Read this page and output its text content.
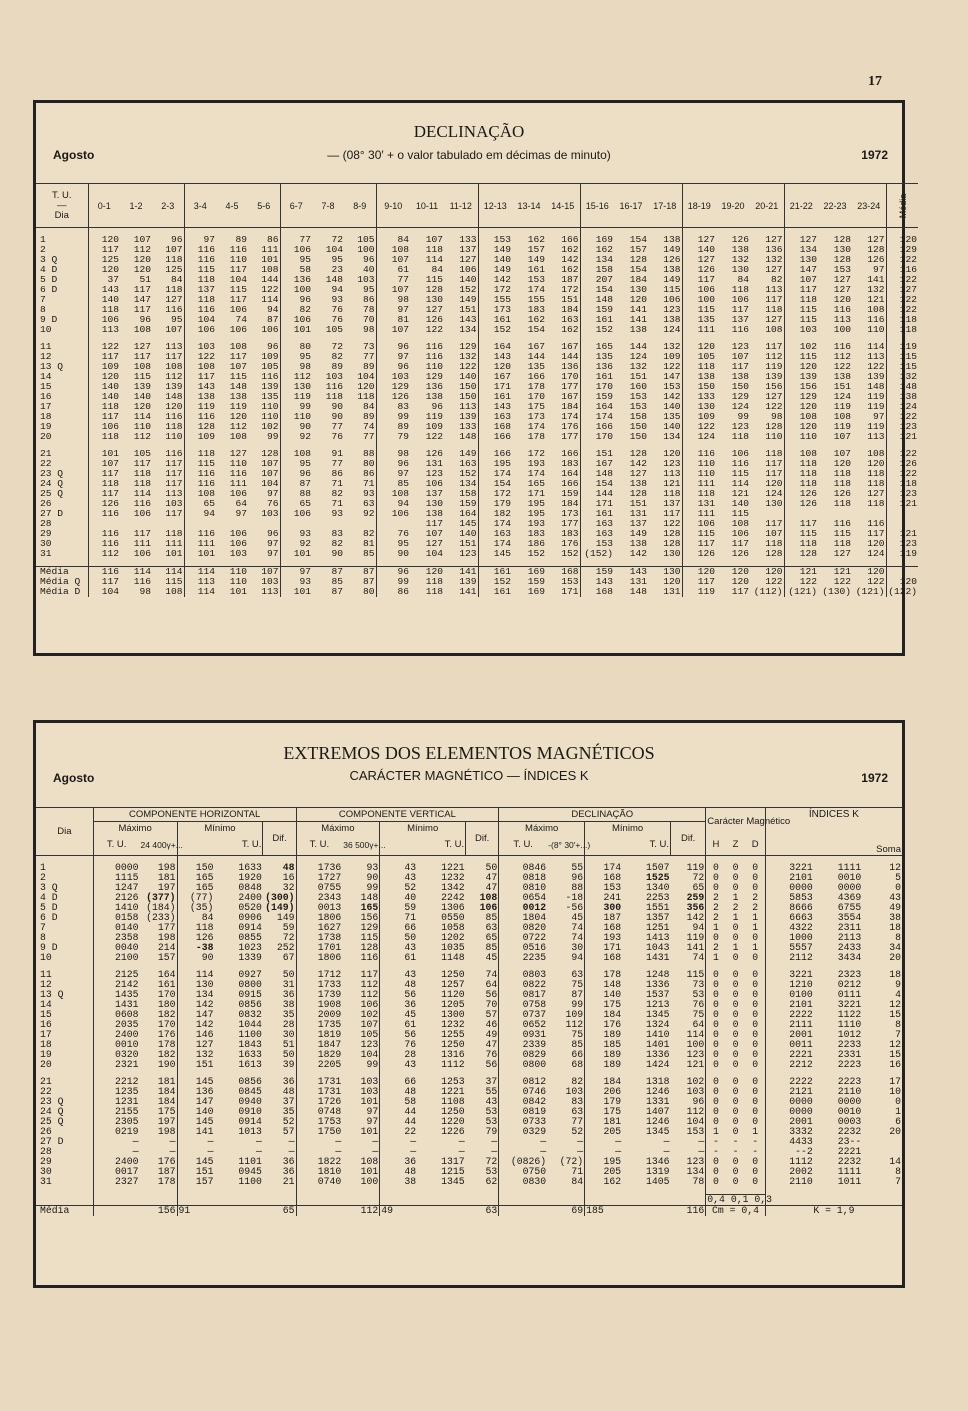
17
DECLINAÇÃO
Agosto	— (08° 30′ + o valor tabulado em décimas de minuto)	1972
T. U.
—
Dia	0-1	1-2	2-3	3-4	4-5	5-6	6-7	7-8	8-9	9-10	10-11	11-12	12-13	13-14	14-15	15-16	16-17	17-18	18-19	19-20	20-21	21-22	22-23	23-24	Média

1	120	107	96	97	89	86	77	72	105	84	107	133	153	162	166	169	154	138	127	126	127	127	128	127	120
2	117	112	107	116	116	111	106	104	100	108	118	137	149	157	162	162	157	149	140	138	136	134	130	128	129
3 Q	125	120	118	116	110	101	95	95	96	107	114	127	140	149	142	134	128	126	127	132	132	130	128	126	122
4 D	120	120	125	115	117	108	58	23	40	61	84	106	149	161	162	158	154	138	126	130	127	147	153	97	116
5 D	37	51	84	118	104	144	136	148	103	77	115	140	142	153	187	207	184	149	117	84	82	107	127	141	122
6 D	143	117	118	137	115	122	100	94	95	107	128	152	172	174	172	154	130	115	106	118	113	117	127	132	127
7	140	147	127	118	117	114	96	93	86	98	130	149	155	155	151	148	120	106	100	106	117	118	120	121	122
8	118	117	116	116	106	94	82	76	78	97	127	151	173	183	184	159	141	123	115	117	118	115	116	108	122
9 D	106	96	95	104	74	87	106	76	70	81	126	143	161	162	163	161	141	138	135	137	127	115	113	116	118
10	113	108	107	106	106	106	101	105	98	107	122	134	152	154	162	152	138	124	111	116	108	103	100	110	118

11	122	127	113	103	108	96	80	72	73	96	116	129	164	167	167	165	144	132	120	123	117	102	116	114	119
12	117	117	117	122	117	109	95	82	77	97	116	132	143	144	144	135	124	109	105	107	112	115	112	113	115
13 Q	109	108	108	108	107	105	98	89	89	96	110	122	120	135	136	136	132	122	118	117	119	120	122	122	115
14	120	115	112	117	115	116	112	103	104	103	129	140	167	166	170	161	151	147	138	138	139	139	138	139	132
15	140	139	139	143	148	139	130	116	120	129	136	150	171	178	177	170	160	153	150	150	156	156	151	148	148
16	140	140	148	138	138	135	119	118	118	126	138	150	161	170	167	159	153	142	133	129	127	129	124	119	138
17	118	120	120	119	119	110	99	90	84	83	96	113	143	175	184	164	153	140	130	124	122	120	119	119	124
18	117	114	116	116	120	110	110	90	89	99	119	139	163	173	174	174	158	135	109	99	98	108	108	97	122
19	106	110	118	128	112	102	90	77	74	89	109	133	168	174	176	166	150	140	122	123	128	120	119	119	123
20	118	112	110	109	108	99	92	76	77	79	122	148	166	178	177	170	150	134	124	118	110	110	107	113	121

21	101	105	116	118	127	128	108	91	88	98	126	149	166	172	166	151	128	120	116	106	118	108	107	108	122
22	107	117	117	115	110	107	95	77	80	96	131	163	195	193	183	167	142	123	110	116	117	118	120	120	126
23 Q	117	118	117	116	116	107	96	86	86	97	123	152	174	174	164	148	127	113	110	115	117	118	118	118	122
24 Q	118	118	117	116	111	104	87	71	71	85	106	134	154	165	166	154	138	121	111	114	120	118	118	118	118
25 Q	117	114	113	108	106	97	88	82	93	108	137	158	172	171	159	144	128	118	118	121	124	126	126	127	123
26	126	116	103	65	64	76	65	71	63	94	130	159	179	195	184	171	151	137	131	140	130	126	118	118	121
27 D	116	106	117	94	97	103	106	93	92	106	138	164	182	195	173	161	131	117	111	115					
28											117	145	174	193	177	163	137	122	106	108	117	117	116	116	
29	116	117	118	116	106	96	93	83	82	76	107	140	163	183	183	163	149	128	115	106	107	115	115	117	121
30	116	111	111	111	106	97	92	82	81	95	127	151	174	186	176	153	138	128	117	117	118	118	118	120	123
31	112	106	101	101	103	97	101	90	85	90	104	123	145	152	152	(152)	142	130	126	126	128	128	127	124	119

Média	116	114	114	114	110	107	97	87	87	96	120	141	161	169	168	159	143	130	120	120	120	121	121	120	
Média Q	117	116	115	113	110	103	93	85	87	99	118	139	152	159	153	143	131	120	117	120	122	122	122	122	120
Média D	104	98	108	114	101	113	101	87	80	86	118	141	161	169	171	168	148	131	119	117	(112)	(121)	(130)	(121)	(122)
EXTREMOS DOS ELEMENTOS MAGNÉTICOS
CARÁCTER MAGNÉTICO — ÍNDICES K
Agosto	1972
Dia	COMPONENTE HORIZONTAL					COMPONENTE VERTICAL					DECLINAÇÃO					Carácter Magnético			ÍNDICES K		
	Máximo		Mínimo		Dif.	Máximo		Mínimo		Dif.	Máximo		Mínimo		Dif.				Soma		
	T. U.	24 400γ+...	T. U.			T. U.	36 500γ+...	T. U.			T. U.	-(8° 30′+...)	T. U.			H	Z	D			

1	0000	198	150	1633	48	1736	93	43	1221	50	0846	55	174	1507	119	0	0	0	3221	1111	12
2	1115	181	165	1920	16	1727	90	43	1232	47	0818	96	168	1525	72	0	0	0	2101	0010	5
3 Q	1247	197	165	0848	32	0755	99	52	1342	47	0810	88	153	1340	65	0	0	0	0000	0000	0
4 D	2126	(377)	(77)	2400	(300)	2343	148	40	2242	108	0654	-18	241	2253	259	2	1	2	5853	4369	43
5 D	1410	(184)	(35)	0520	(149)	0013	165	59	1306	106	0012	-56	300	1551	356	2	2	2	8666	6755	49
6 D	0158	(233)	84	0906	149	1806	156	71	0550	85	1804	45	187	1357	142	2	1	1	6663	3554	38
7	0140	177	118	0914	59	1627	129	66	1058	63	0820	74	168	1251	94	1	0	1	4322	2311	18
8	2358	198	126	0855	72	1738	115	50	1202	65	0722	74	193	1413	119	0	0	0	1000	2113	8
9 D	0040	214	-38	1023	252	1701	128	43	1035	85	0516	30	171	1043	141	2	1	1	5557	2433	34
10	2100	157	90	1339	67	1806	116	61	1148	45	2235	94	168	1431	74	1	0	0	2112	3434	20

11	2125	164	114	0927	50	1712	117	43	1250	74	0803	63	178	1248	115	0	0	0	3221	2323	18
12	2142	161	130	0800	31	1733	112	48	1257	64	0822	75	148	1336	73	0	0	0	1210	0212	9
13 Q	1435	170	134	0915	36	1739	112	56	1120	56	0817	87	140	1537	53	0	0	0	0100	0111	4
14	1431	180	142	0856	38	1908	106	36	1205	70	0758	99	175	1213	76	0	0	0	2101	3221	12
15	0608	182	147	0832	35	2009	102	45	1300	57	0737	109	184	1345	75	0	0	0	2222	1122	15
16	2035	170	142	1044	28	1735	107	61	1232	46	0652	112	176	1324	64	0	0	0	2111	1110	8
17	2400	176	146	1100	30	1819	105	56	1255	49	0931	75	189	1410	114	0	0	0	2001	1012	7
18	0010	178	127	1843	51	1847	123	76	1250	47	2339	85	185	1401	100	0	0	0	0011	2233	12
19	0320	182	132	1633	50	1829	104	28	1316	76	0829	66	189	1336	123	0	0	0	2221	2331	15
20	2321	190	151	1613	39	2205	99	43	1112	56	0800	68	189	1424	121	0	0	0	2212	2223	16

21	2212	181	145	0856	36	1731	103	66	1253	37	0812	82	184	1318	102	0	0	0	2222	2223	17
22	1235	184	136	0845	48	1731	103	48	1221	55	0746	103	206	1246	103	0	0	0	2121	2110	10
23 Q	1231	184	147	0940	37	1726	101	58	1108	43	0842	83	179	1331	96	0	0	0	0000	0000	0
24 Q	2155	175	140	0910	35	0748	97	44	1250	53	0819	63	175	1407	112	0	0	0	0000	0010	1
25 Q	2305	197	145	0914	52	1753	97	44	1220	53	0733	77	181	1246	104	0	0	0	2001	0003	6
26	0219	198	141	1013	57	1750	101	22	1226	79	0329	52	205	1345	153	1	0	1	3332	2232	20
27 D	—	—	—	—	—	—	—	—	—	—	—	—	—	—	—	-	-	-	4433	23--	
28	—	—	—	—	—	—	—	—	—	—	—	—	—	—	—	-	-	-	--2	2221	
29	2400	176	145	1101	36	1822	108	36	1317	72	(0826)	(72)	195	1346	123	0	0	0	1112	2232	14
30	0017	187	151	0945	36	1810	101	48	1215	53	0750	71	205	1319	134	0	0	0	2002	1111	8
31	2327	178	157	1100	21	0740	100	38	1345	62	0830	84	162	1405	78	0	0	0	2110	1011	7

																0,4 0,1 0,3					
Média	156		91		65	112		49		63	69		185		116	Cm = 0,4			K = 1,9		
